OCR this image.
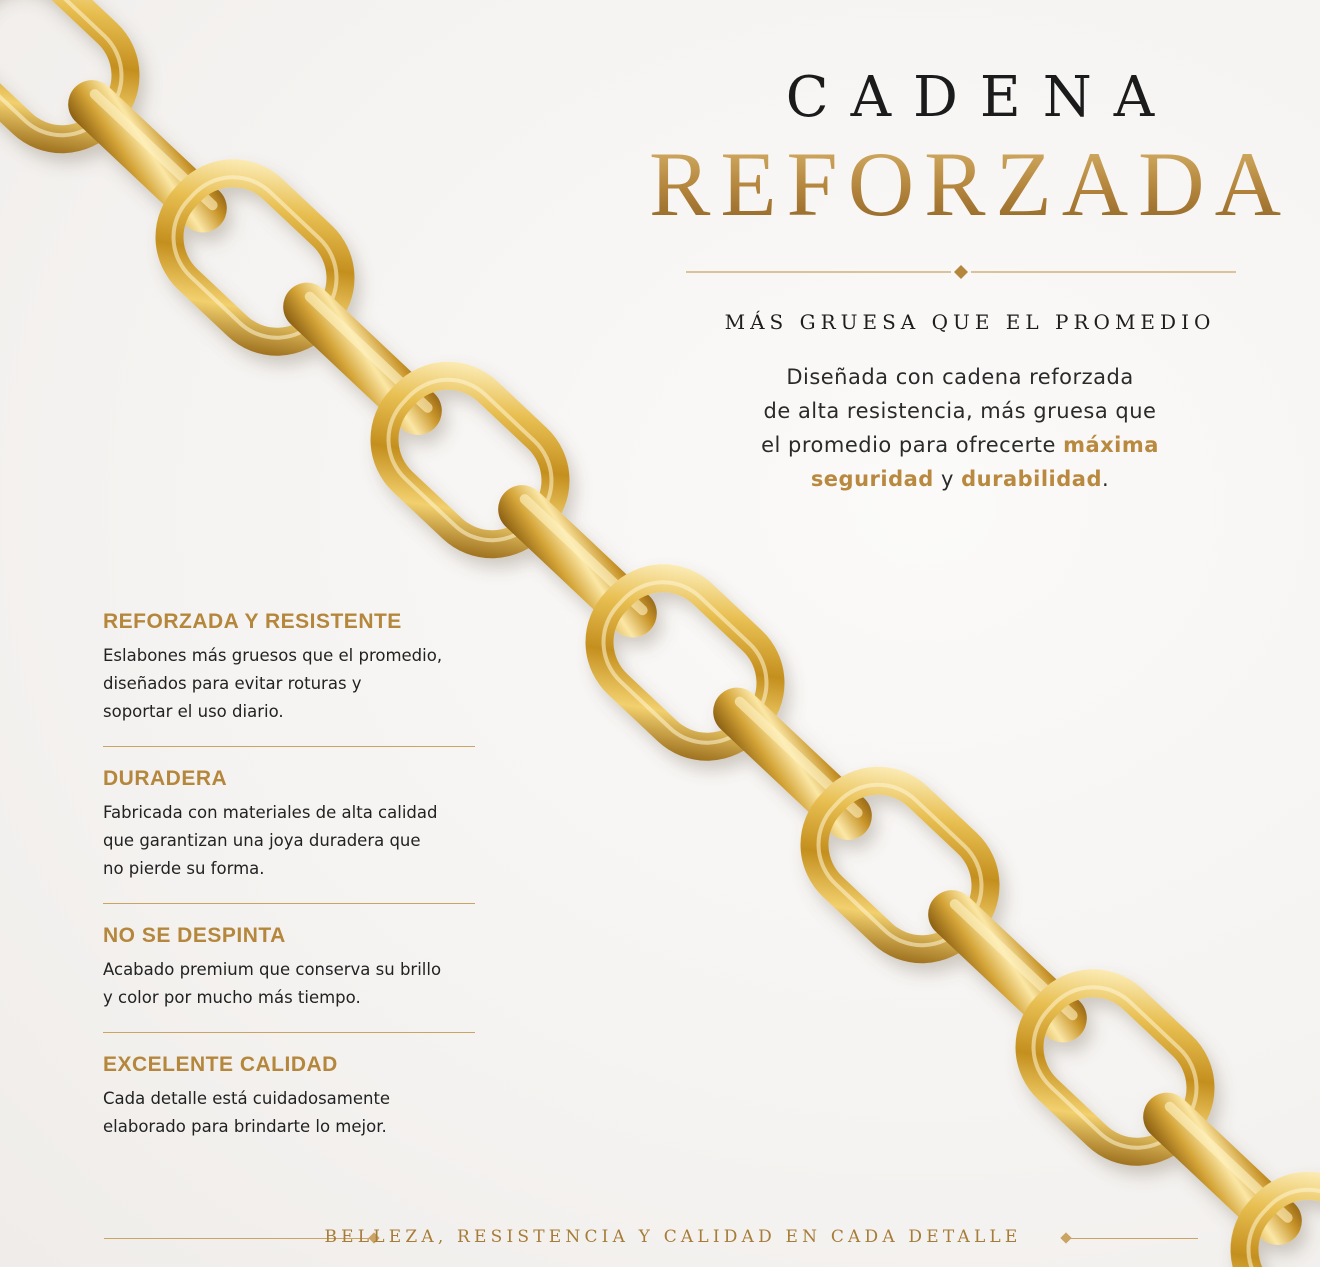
CADENA
REFORZADA
MÁS GRUESA QUE EL PROMEDIO
Diseñada con cadena reforzada
de alta resistencia, más gruesa que
el promedio para ofrecerte máxima
seguridad y durabilidad.
REFORZADA Y RESISTENTE

Eslabones más gruesos que el promedio,
diseñados para evitar roturas y
soportar el uso diario.

DURADERA

Fabricada con materiales de alta calidad
que garantizan una joya duradera que
no pierde su forma.

NO SE DESPINTA

Acabado premium que conserva su brillo
y color por mucho más tiempo.

EXCELENTE CALIDAD

Cada detalle está cuidadosamente
elaborado para brindarte lo mejor.

BELLEZA, RESISTENCIA Y CALIDAD EN CADA DETALLE
